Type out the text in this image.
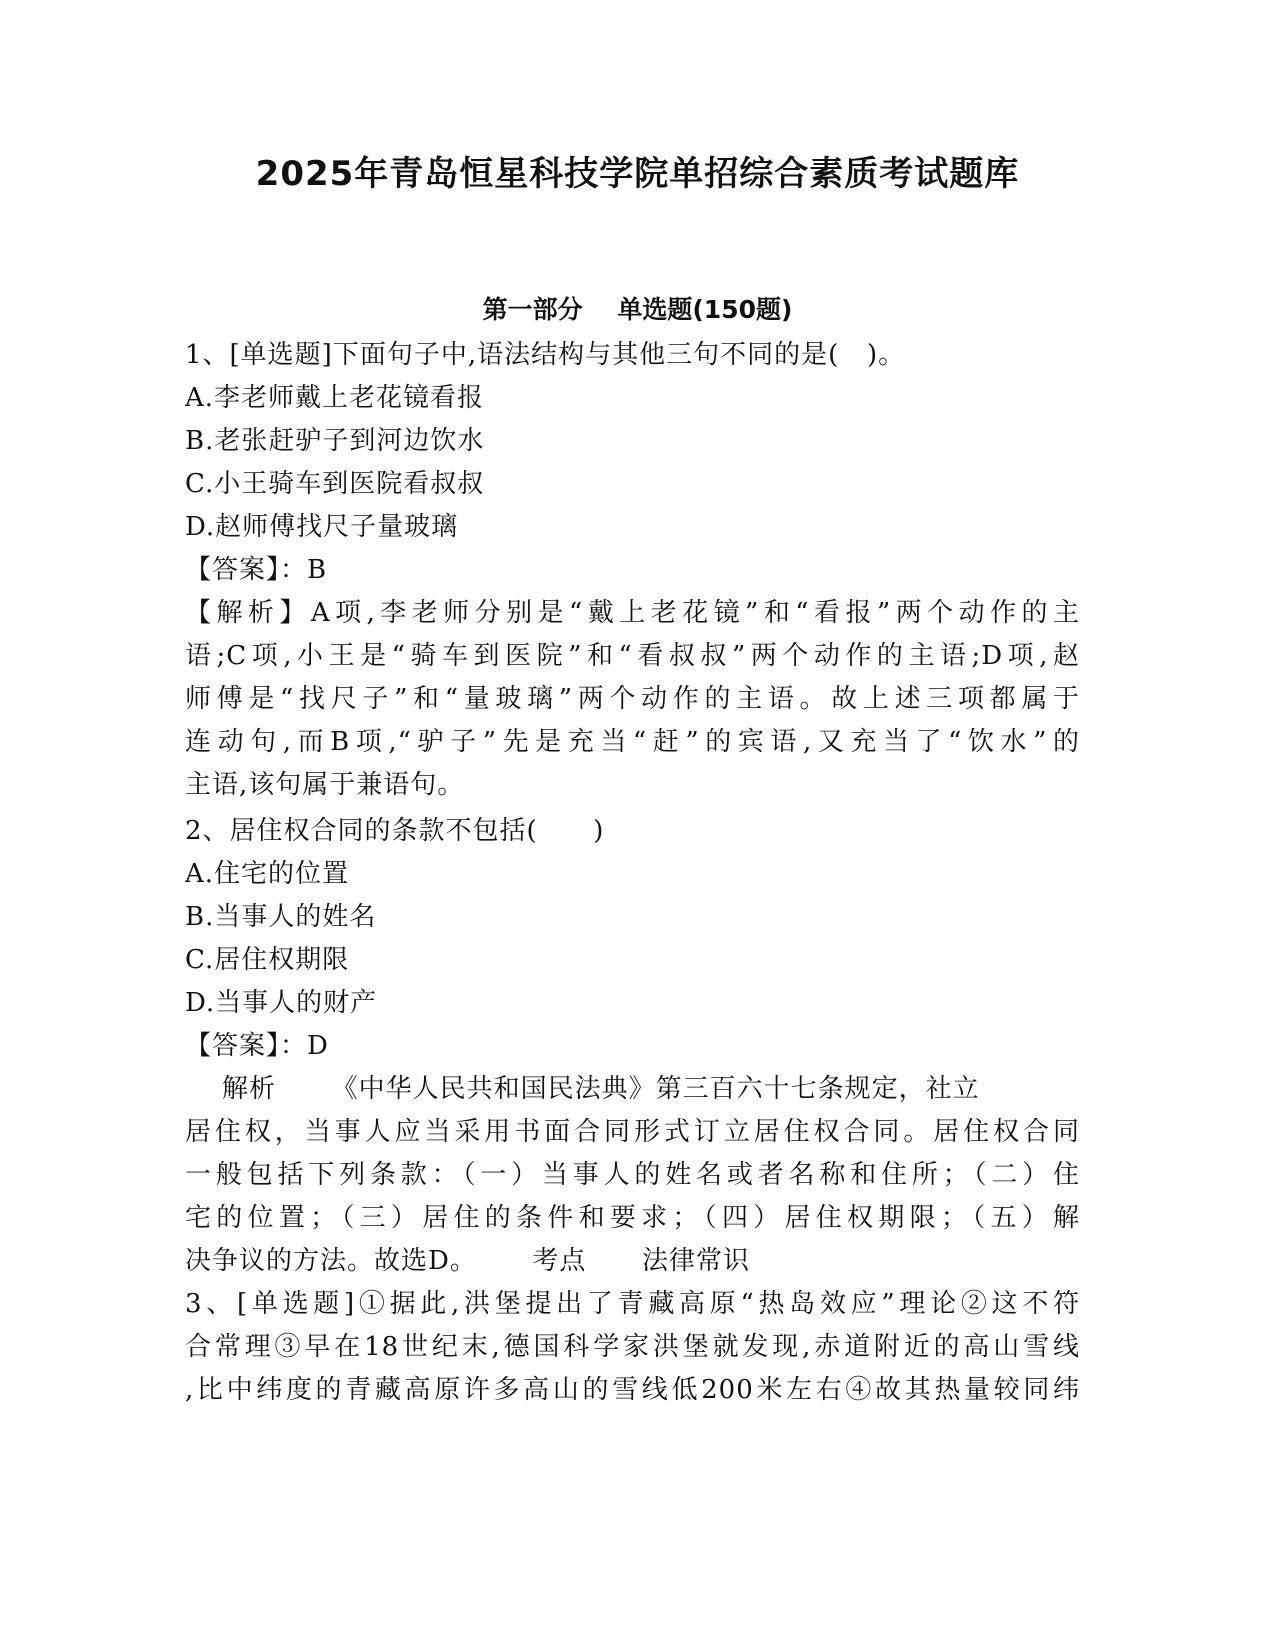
2025年青岛恒星科技学院单招综合素质考试题库
第一部分    单选题(150题)
1、[单选题]下面句子中,语法结构与其他三句不同的是(   )。
A.李老师戴上老花镜看报
B.老张赶驴子到河边饮水
C.小王骑车到医院看叔叔
D.赵师傅找尺子量玻璃
【答案】：B
【解析】A项,李老师分别是“戴上老花镜”和“看报”两个动作的主
语;C项,小王是“骑车到医院”和“看叔叔”两个动作的主语;D项,赵
师傅是“找尺子”和“量玻璃”两个动作的主语。故上述三项都属于
连动句,而B项,“驴子”先是充当“赶”的宾语,又充当了“饮水”的
主语,该句属于兼语句。
2、居住权合同的条款不包括(      )
A.住宅的位置
B.当事人的姓名
C.居住权期限
D.当事人的财产
【答案】：D
解析      《中华人民共和国民法典》第三百六十七条规定，社立
居住权，当事人应当采用书面合同形式订立居住权合同。居住权合同
一般包括下列条款：（一）当事人的姓名或者名称和住所；（二）住
宅的位置；（三）居住的条件和要求；（四）居住权期限；（五）解
决争议的方法。故选D。      考点      法律常识
3、[单选题]①据此,洪堡提出了青藏高原“热岛效应”理论②这不符
合常理③早在18世纪末,德国科学家洪堡就发现,赤道附近的高山雪线
,比中纬度的青藏高原许多高山的雪线低200米左右④故其热量较同纬
